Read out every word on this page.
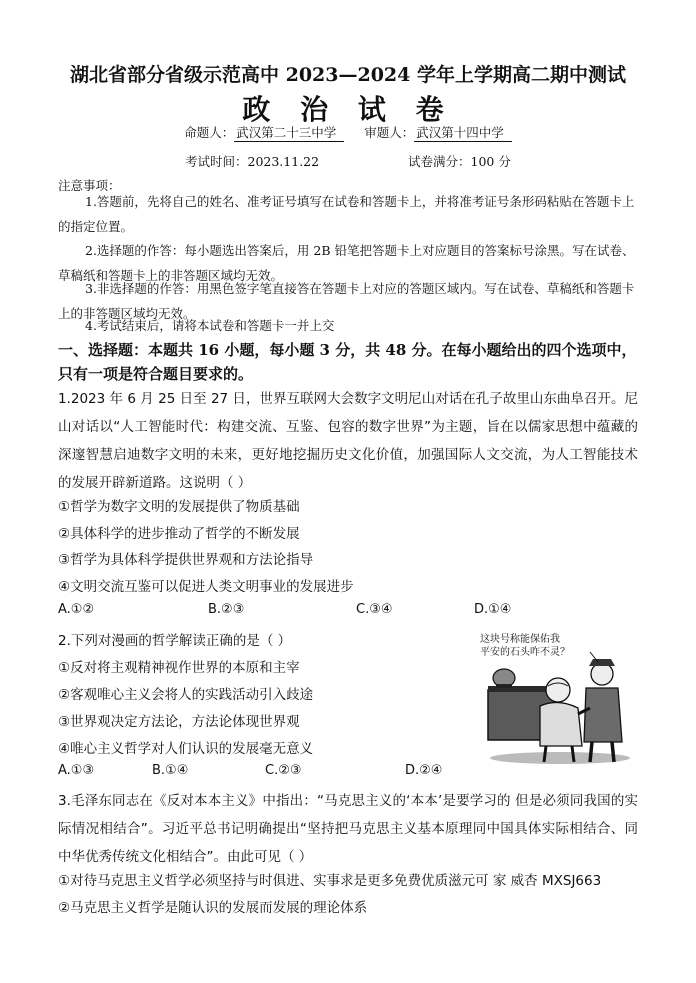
湖北省部分省级示范高中 2023—2024 学年上学期高二期中测试
政 治 试 卷
命题人： 武汉第二十三中学 审题人： 武汉第十四中学
考试时间：2023.11.22	试卷满分：100 分
注意事项：

1.答题前，先将自己的姓名、准考证号填写在试卷和答题卡上，并将准考证号条形码粘贴在答题卡上的指定位置。

2.选择题的作答：每小题选出答案后，用 2B 铅笔把答题卡上对应题目的答案标号涂黑。写在试卷、草稿纸和答题卡上的非答题区域均无效。

3.非选择题的作答：用黑色签字笔直接答在答题卡上对应的答题区域内。写在试卷、草稿纸和答题卡上的非答题区域均无效。

4.考试结束后，请将本试卷和答题卡一并上交

一、选择题：本题共 16 小题，每小题 3 分，共 48 分。在每小题给出的四个选项中，只有一项是符合题目要求的。

1.2023 年 6 月 25 日至 27 日，世界互联网大会数字文明尼山对话在孔子故里山东曲阜召开。尼山对话以“人工智能时代：构建交流、互鉴、包容的数字世界”为主题，旨在以儒家思想中蕴藏的深邃智慧启迪数字文明的未来，更好地挖掘历史文化价值，加强国际人文交流，为人工智能技术的发展开辟新道路。这说明（ ）

①哲学为数字文明的发展提供了物质基础
②具体科学的进步推动了哲学的不断发展
③哲学为具体科学提供世界观和方法论指导
④文明交流互鉴可以促进人类文明事业的发展进步
A.①②	B.②③	C.③④	D.①④
2.下列对漫画的哲学解读正确的是（ ）
①反对将主观精神视作世界的本原和主宰
②客观唯心主义会将人的实践活动引入歧途
③世界观决定方法论，方法论体现世界观
④唯心主义哲学对人们认识的发展毫无意义
A.①③	B.①④	C.②③	D.②④
这块号称能保佑我
平安的石头咋不灵？

3.毛泽东同志在《反对本本主义》中指出：“马克思主义的‘本本’是要学习的 但是必须同我国的实际情况相结合”。习近平总书记明确提出“坚持把马克思主义基本原理同中国具体实际相结合、同中华优秀传统文化相结合”。由此可见（ ）

①对待马克思主义哲学必须坚持与时俱进、实事求是更多免费优质滋元可 家 威杏 MXSJ663
②马克思主义哲学是随认识的发展而发展的理论体系
